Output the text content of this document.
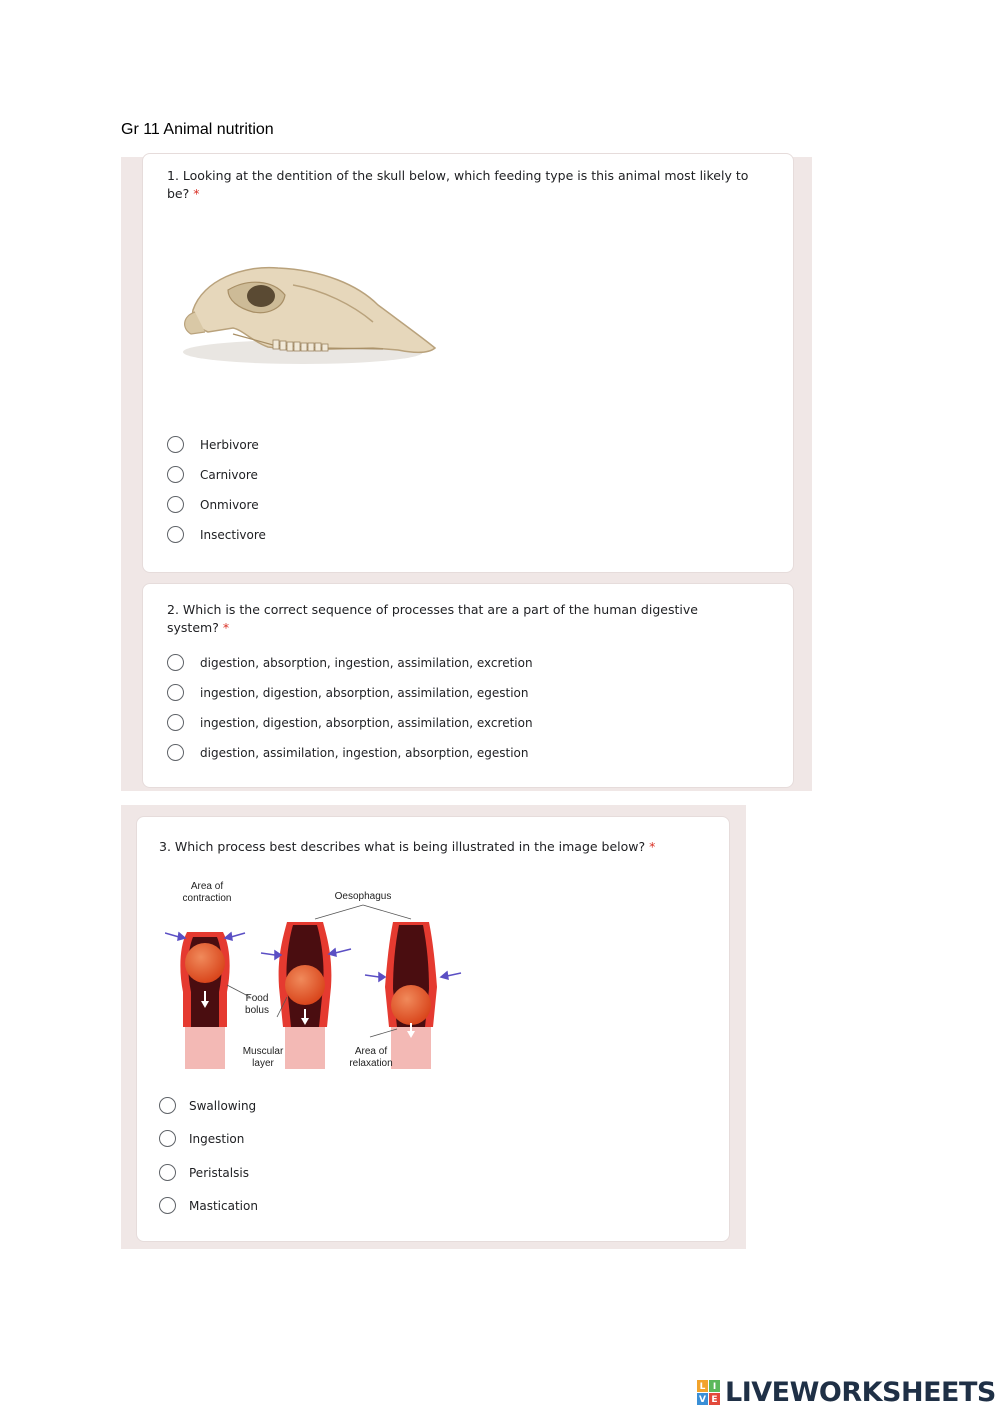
Gr 11 Animal nutrition
1. Looking at the dentition of the skull below, which feeding type is this animal most likely to be? *
Herbivore
Carnivore
Onmivore
Insectivore
2. Which is the correct sequence of processes that are a part of the human digestive system? *
digestion, absorption, ingestion, assimilation, excretion
ingestion, digestion, absorption, assimilation, egestion
ingestion, digestion, absorption, assimilation, excretion
digestion, assimilation, ingestion, absorption, egestion
3. Which process best describes what is being illustrated in the image below? *
Area of
contraction	Oesophagus
Food
bolus
Muscular
layer
Area of
relaxation
Swallowing
Ingestion
Peristalsis
Mastication
L I
V E LIVEWORKSHEETS
